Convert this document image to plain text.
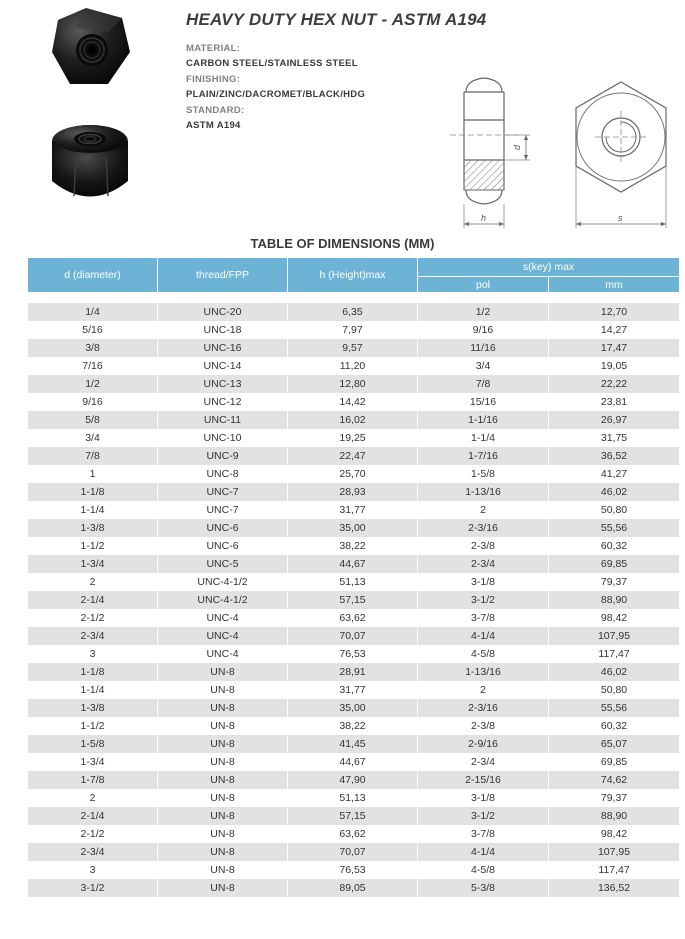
HEAVY DUTY HEX NUT - ASTM A194
MATERIAL:
CARBON STEEL/STAINLESS STEEL
FINISHING:
PLAIN/ZINC/DACROMET/BLACK/HDG
STANDARD:
ASTM A194
d
h	s
TABLE OF DIMENSIONS (MM)
d (diameter)	thread/FPP	h (Height)max	s(key) max	
			pol	mm

1/4	UNC-20	6,35	1/2	12,70
5/16	UNC-18	7,97	9/16	14,27
3/8	UNC-16	9,57	11/16	17,47
7/16	UNC-14	11,20	3/4	19,05
1/2	UNC-13	12,80	7/8	22,22
9/16	UNC-12	14,42	15/16	23,81
5/8	UNC-11	16,02	1-1/16	26,97
3/4	UNC-10	19,25	1-1/4	31,75
7/8	UNC-9	22,47	1-7/16	36,52
1	UNC-8	25,70	1-5/8	41,27
1-1/8	UNC-7	28,93	1-13/16	46,02
1-1/4	UNC-7	31,77	2	50,80
1-3/8	UNC-6	35,00	2-3/16	55,56
1-1/2	UNC-6	38,22	2-3/8	60,32
1-3/4	UNC-5	44,67	2-3/4	69,85
2	UNC-4-1/2	51,13	3-1/8	79,37
2-1/4	UNC-4-1/2	57,15	3-1/2	88,90
2-1/2	UNC-4	63,62	3-7/8	98,42
2-3/4	UNC-4	70,07	4-1/4	107,95
3	UNC-4	76,53	4-5/8	117,47
1-1/8	UN-8	28,91	1-13/16	46,02
1-1/4	UN-8	31,77	2	50,80
1-3/8	UN-8	35,00	2-3/16	55,56
1-1/2	UN-8	38,22	2-3/8	60,32
1-5/8	UN-8	41,45	2-9/16	65,07
1-3/4	UN-8	44,67	2-3/4	69,85
1-7/8	UN-8	47,90	2-15/16	74,62
2	UN-8	51,13	3-1/8	79,37
2-1/4	UN-8	57,15	3-1/2	88,90
2-1/2	UN-8	63,62	3-7/8	98,42
2-3/4	UN-8	70,07	4-1/4	107,95
3	UN-8	76,53	4-5/8	117,47
3-1/2	UN-8	89,05	5-3/8	136,52
